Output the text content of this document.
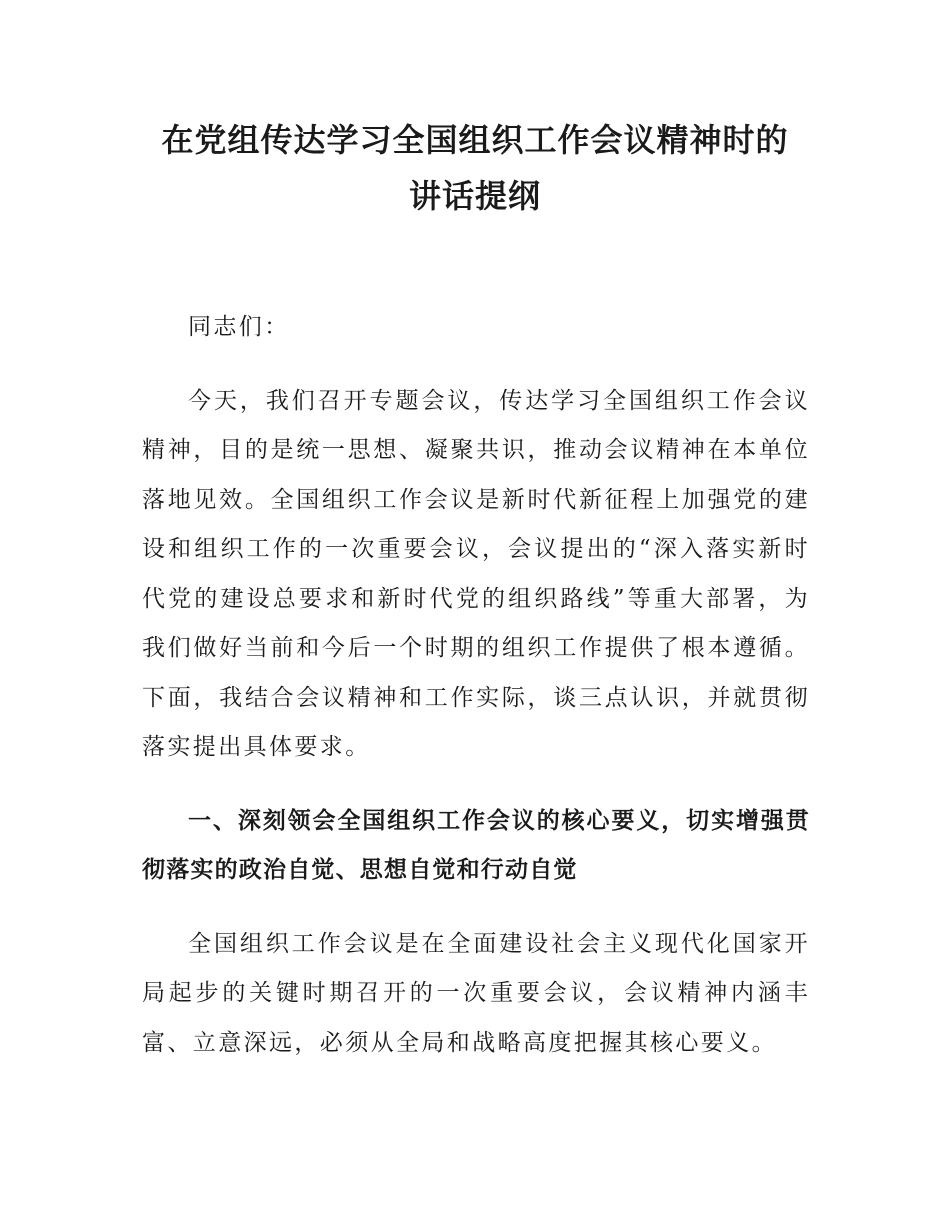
在党组传达学习全国组织工作会议精神时的
讲话提纲

同志们：

今天，我们召开专题会议，传达学习全国组织工作会议精神，目的是统一思想、凝聚共识，推动会议精神在本单位落地见效。全国组织工作会议是新时代新征程上加强党的建设和组织工作的一次重要会议，会议提出的“深入落实新时代党的建设总要求和新时代党的组织路线”等重大部署，为我们做好当前和今后一个时期的组织工作提供了根本遵循。下面，我结合会议精神和工作实际，谈三点认识，并就贯彻落实提出具体要求。

一、深刻领会全国组织工作会议的核心要义，切实增强贯彻落实的政治自觉、思想自觉和行动自觉

全国组织工作会议是在全面建设社会主义现代化国家开局起步的关键时期召开的一次重要会议，会议精神内涵丰富、立意深远，必须从全局和战略高度把握其核心要义。
